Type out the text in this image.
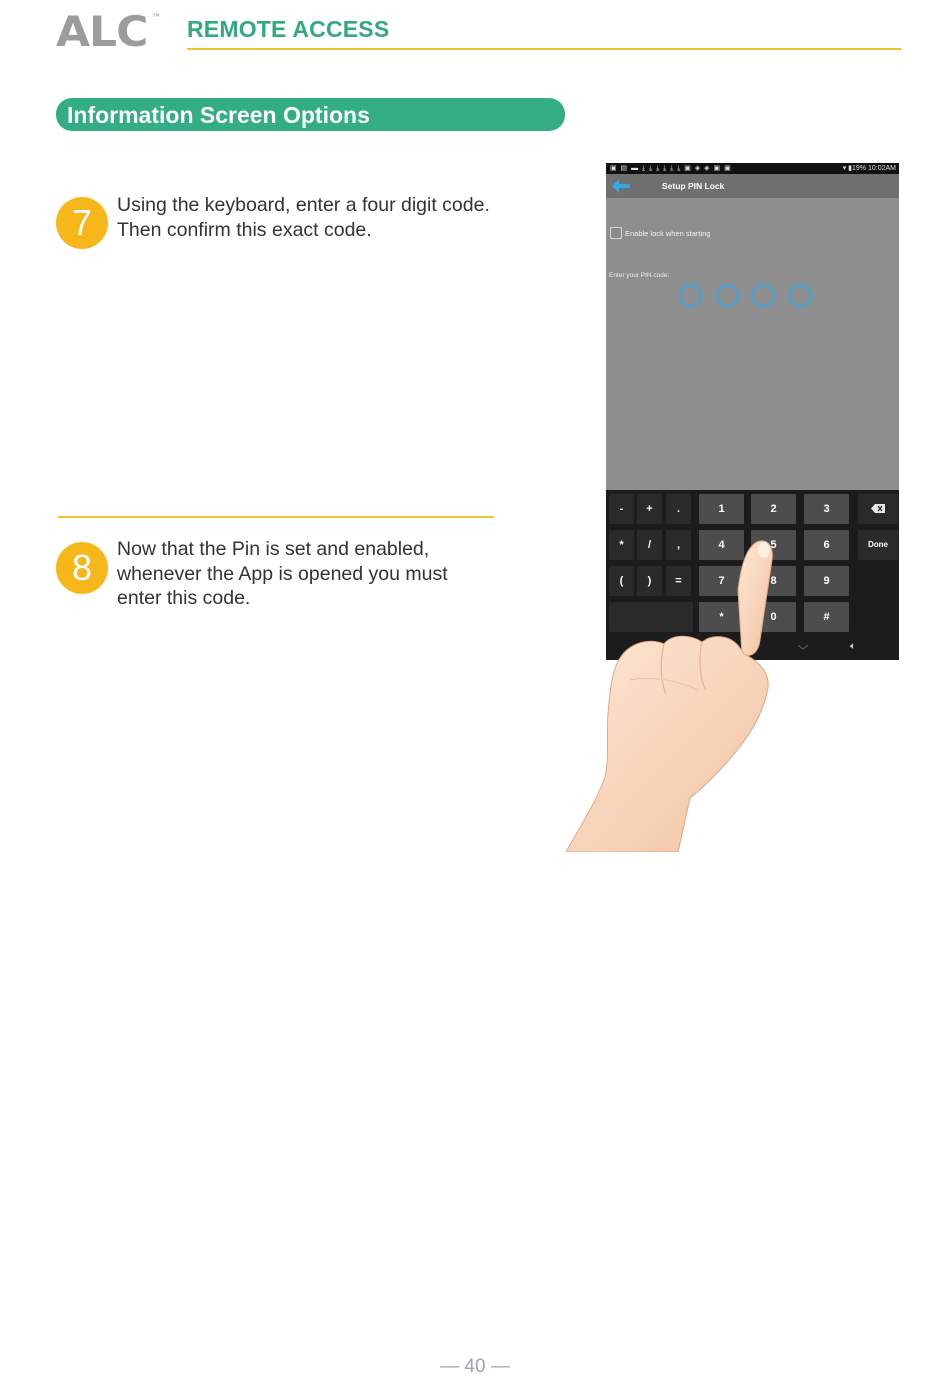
ALC ™ REMOTE ACCESS
Information Screen Options
7	Using the keyboard, enter a four digit code. Then confirm this exact code.
8	Now that the Pin is set and enabled, whenever the App is opened you must enter this code.
▣ ▤ ▬ ⤓ ⤓ ⤓ ⤓ ⤓ ⤓ ▣ ◈ ◈ ▣ ▣	▾ ▮19% 10:02AM
Setup PIN Lock
Enable lock when starting
Enter your PIN code:
-	+	.	1	2	3
*	/	,	4	5	6	Done
(	)	=	7	8	9
*	0	#
﹀	🔈︎
— 40 —
